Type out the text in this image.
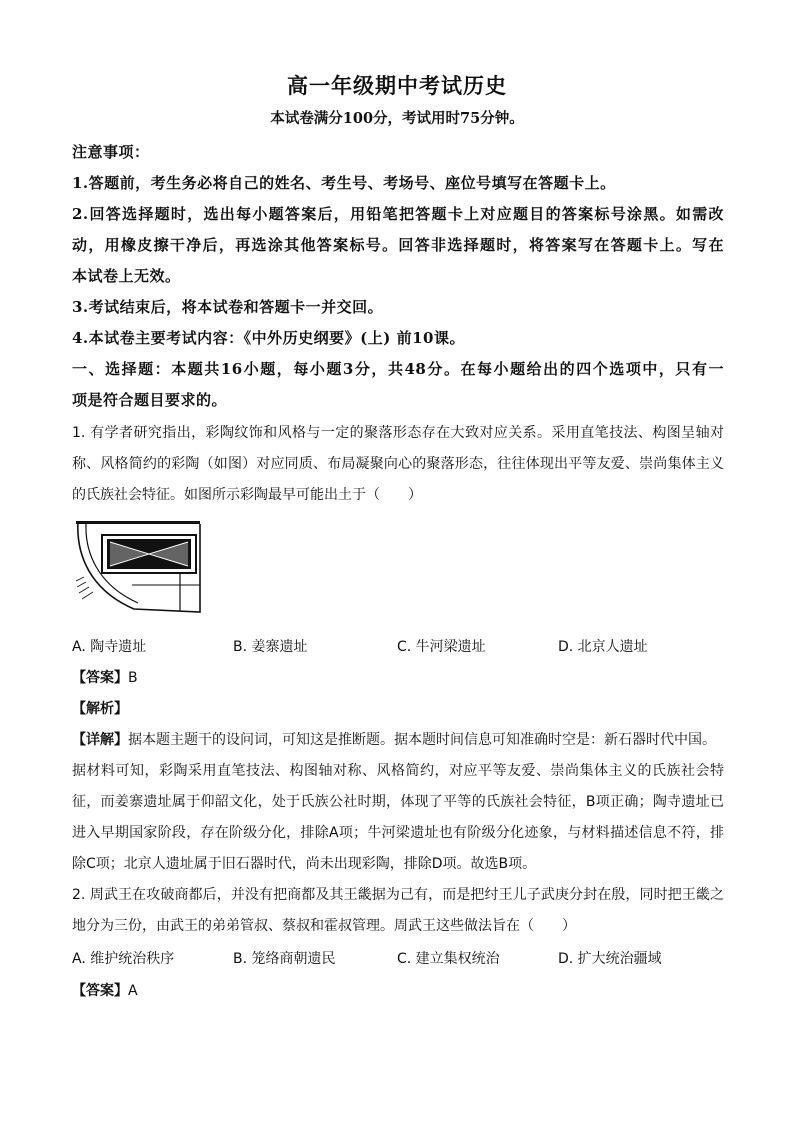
高一年级期中考试历史
本试卷满分100分，考试用时75分钟。
注意事项：
1.答题前，考生务必将自己的姓名、考生号、考场号、座位号填写在答题卡上。
2.回答选择题时，选出每小题答案后，用铅笔把答题卡上对应题目的答案标号涂黑。如需改
动，用橡皮擦干净后，再选涂其他答案标号。回答非选择题时，将答案写在答题卡上。写在
本试卷上无效。
3.考试结束后，将本试卷和答题卡一并交回。
4.本试卷主要考试内容：《中外历史纲要》(上) 前10课。
一、选择题：本题共16小题，每小题3分，共48分。在每小题给出的四个选项中，只有一
项是符合题目要求的。
1. 有学者研究指出，彩陶纹饰和风格与一定的聚落形态存在大致对应关系。采用直笔技法、构图呈轴对
称、风格简约的彩陶（如图）对应同质、布局凝聚向心的聚落形态，往往体现出平等友爱、崇尚集体主义
的氏族社会特征。如图所示彩陶最早可能出土于（　　）
A. 陶寺遗址	B. 姜寨遗址	C. 牛河梁遗址	D. 北京人遗址
【答案】B
【解析】
【详解】据本题主题干的设问词，可知这是推断题。据本题时间信息可知准确时空是：新石器时代中国。
据材料可知，彩陶采用直笔技法、构图轴对称、风格简约，对应平等友爱、崇尚集体主义的氏族社会特
征，而姜寨遗址属于仰韶文化，处于氏族公社时期，体现了平等的氏族社会特征，B项正确；陶寺遗址已
进入早期国家阶段，存在阶级分化，排除A项；牛河梁遗址也有阶级分化迹象，与材料描述信息不符，排
除C项；北京人遗址属于旧石器时代，尚未出现彩陶，排除D项。故选B项。
2. 周武王在攻破商都后，并没有把商都及其王畿据为己有，而是把纣王儿子武庚分封在殷，同时把王畿之
地分为三份，由武王的弟弟管叔、蔡叔和霍叔管理。周武王这些做法旨在（　　）
A. 维护统治秩序	B. 笼络商朝遗民	C. 建立集权统治	D. 扩大统治疆域
【答案】A
